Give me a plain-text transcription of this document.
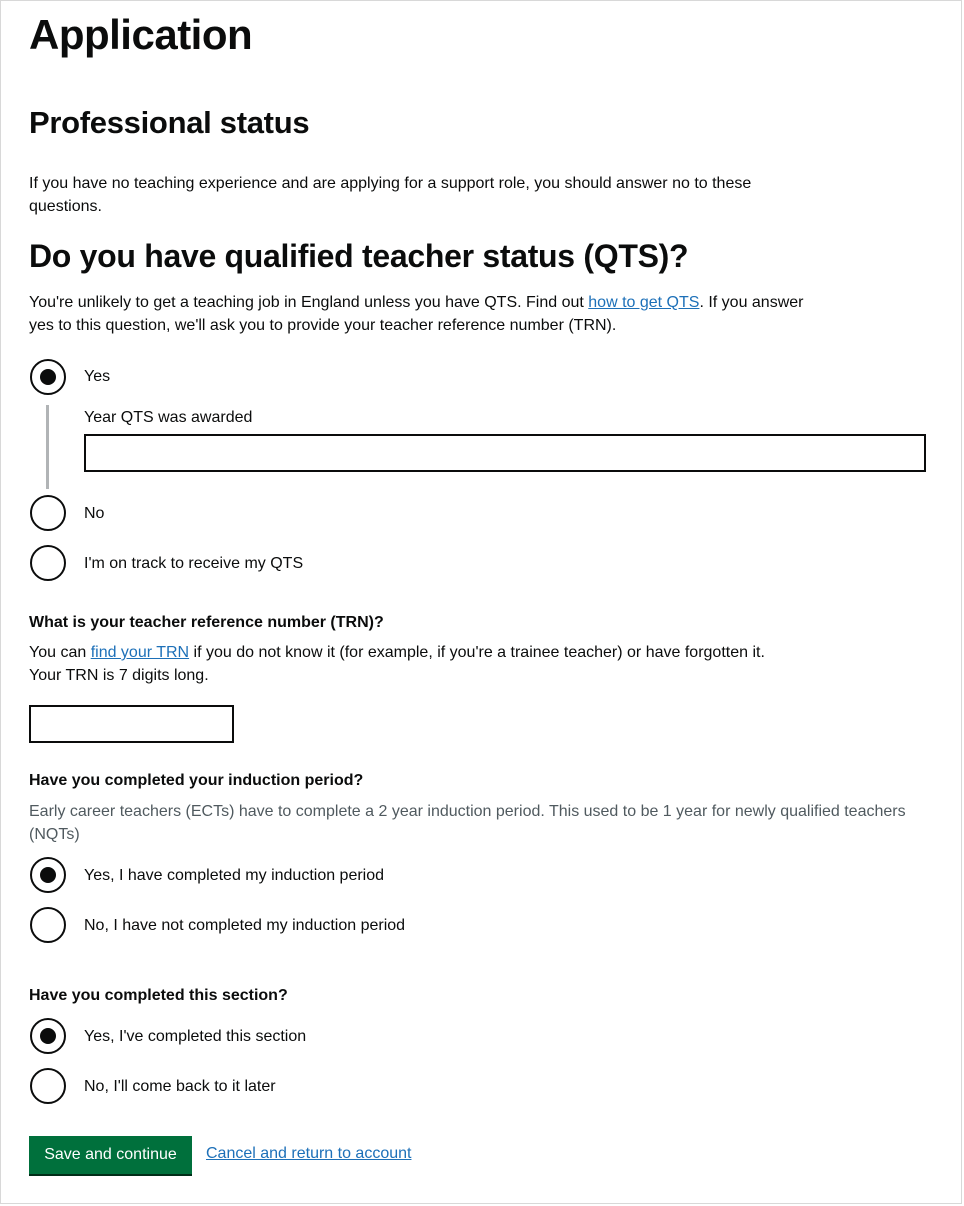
Application
Professional status
If you have no teaching experience and are applying for a support role, you should answer no to these questions.
Do you have qualified teacher status (QTS)?
You're unlikely to get a teaching job in England unless you have QTS. Find out how to get QTS. If you answer yes to this question, we'll ask you to provide your teacher reference number (TRN).
Yes
Year QTS was awarded
No
I'm on track to receive my QTS
What is your teacher reference number (TRN)?
You can find your TRN if you do not know it (for example, if you're a trainee teacher) or have forgotten it.
Your TRN is 7 digits long.
Have you completed your induction period?
Early career teachers (ECTs) have to complete a 2 year induction period. This used to be 1 year for newly qualified teachers (NQTs)
Yes, I have completed my induction period
No, I have not completed my induction period
Have you completed this section?
Yes, I've completed this section
No, I'll come back to it later
Save and continue	Cancel and return to account
